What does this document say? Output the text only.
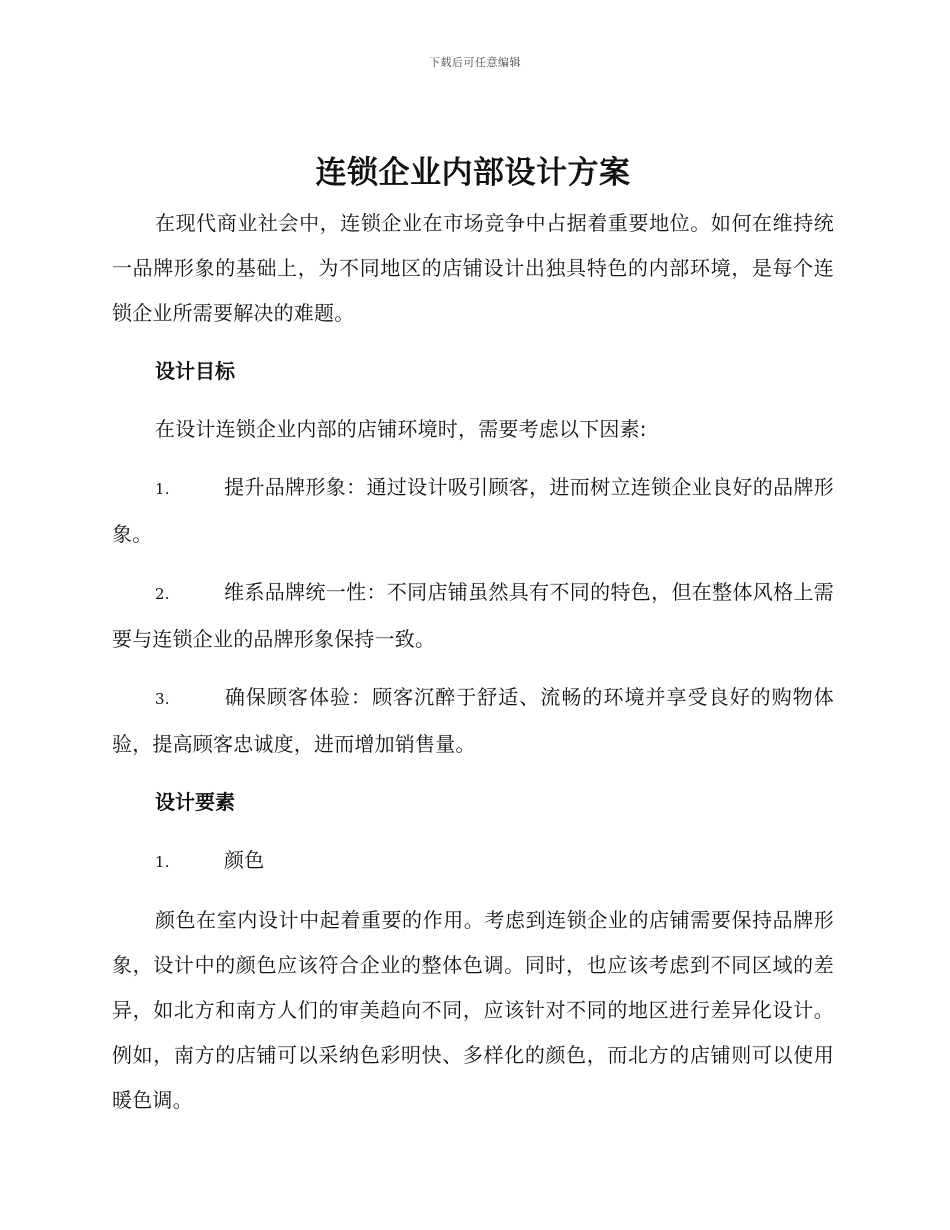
下载后可任意编辑
连锁企业内部设计方案

在现代商业社会中，连锁企业在市场竞争中占据着重要地位。如何在维持统一品牌形象的基础上，为不同地区的店铺设计出独具特色的内部环境，是每个连锁企业所需要解决的难题。

设计目标

在设计连锁企业内部的店铺环境时，需要考虑以下因素:

1.	提升品牌形象：通过设计吸引顾客，进而树立连锁企业良好的品牌形象。

2.	维系品牌统一性：不同店铺虽然具有不同的特色，但在整体风格上需要与连锁企业的品牌形象保持一致。

3.	确保顾客体验：顾客沉醉于舒适、流畅的环境并享受良好的购物体验，提高顾客忠诚度，进而增加销售量。

设计要素

1.	颜色

颜色在室内设计中起着重要的作用。考虑到连锁企业的店铺需要保持品牌形象，设计中的颜色应该符合企业的整体色调。同时，也应该考虑到不同区域的差异，如北方和南方人们的审美趋向不同，应该针对不同的地区进行差异化设计。例如，南方的店铺可以采纳色彩明快、多样化的颜色，而北方的店铺则可以使用暖色调。
